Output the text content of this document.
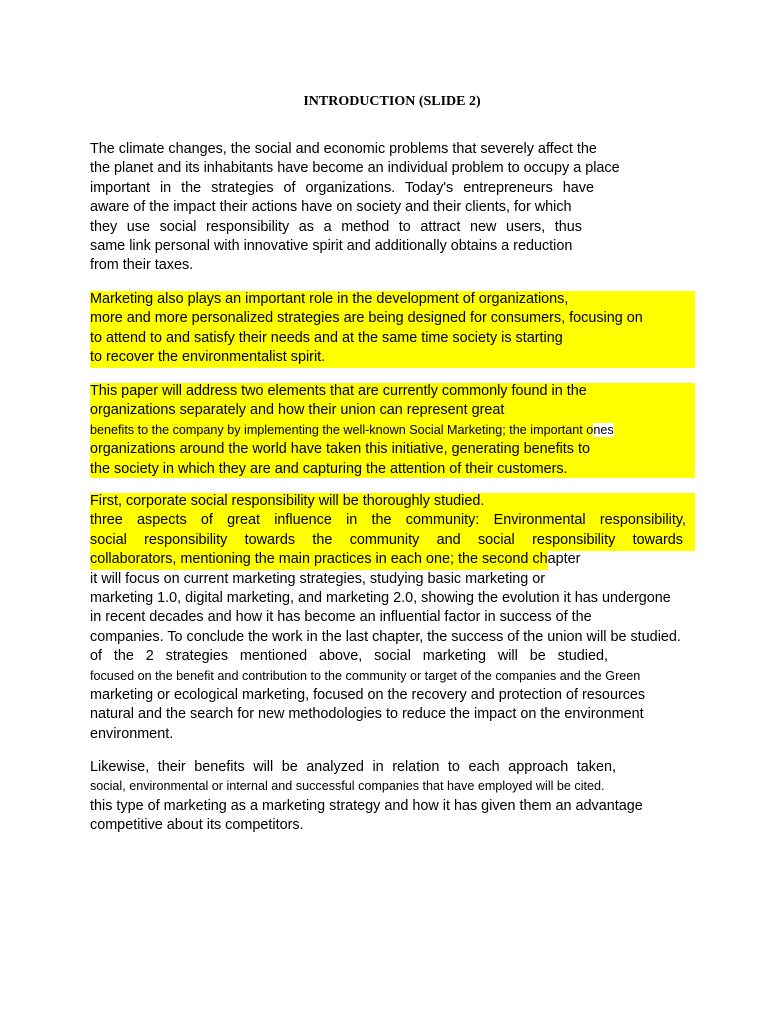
INTRODUCTION (SLIDE 2)
The climate changes, the social and economic problems that severely affect the
the planet and its inhabitants have become an individual problem to occupy a place
important in the strategies of organizations. Today's entrepreneurs have
aware of the impact their actions have on society and their clients, for which
they use social responsibility as a method to attract new users, thus
same link personal with innovative spirit and additionally obtains a reduction
from their taxes.
Marketing also plays an important role in the development of organizations,
more and more personalized strategies are being designed for consumers, focusing on
to attend to and satisfy their needs and at the same time society is starting
to recover the environmentalist spirit.
This paper will address two elements that are currently commonly found in the
organizations separately and how their union can represent great
benefits to the company by implementing the well-known Social Marketing; the important ones
organizations around the world have taken this initiative, generating benefits to
the society in which they are and capturing the attention of their customers.
First, corporate social responsibility will be thoroughly studied.
three aspects of great influence in the community: Environmental responsibility,
social responsibility towards the community and social responsibility towards
collaborators, mentioning the main practices in each one; the second chapter
it will focus on current marketing strategies, studying basic marketing or
marketing 1.0, digital marketing, and marketing 2.0, showing the evolution it has undergone
in recent decades and how it has become an influential factor in success of the
companies. To conclude the work in the last chapter, the success of the union will be studied.
of the 2 strategies mentioned above, social marketing will be studied,
focused on the benefit and contribution to the community or target of the companies and the Green
marketing or ecological marketing, focused on the recovery and protection of resources
natural and the search for new methodologies to reduce the impact on the environment
environment.
Likewise, their benefits will be analyzed in relation to each approach taken,
social, environmental or internal and successful companies that have employed will be cited.
this type of marketing as a marketing strategy and how it has given them an advantage
competitive about its competitors.
